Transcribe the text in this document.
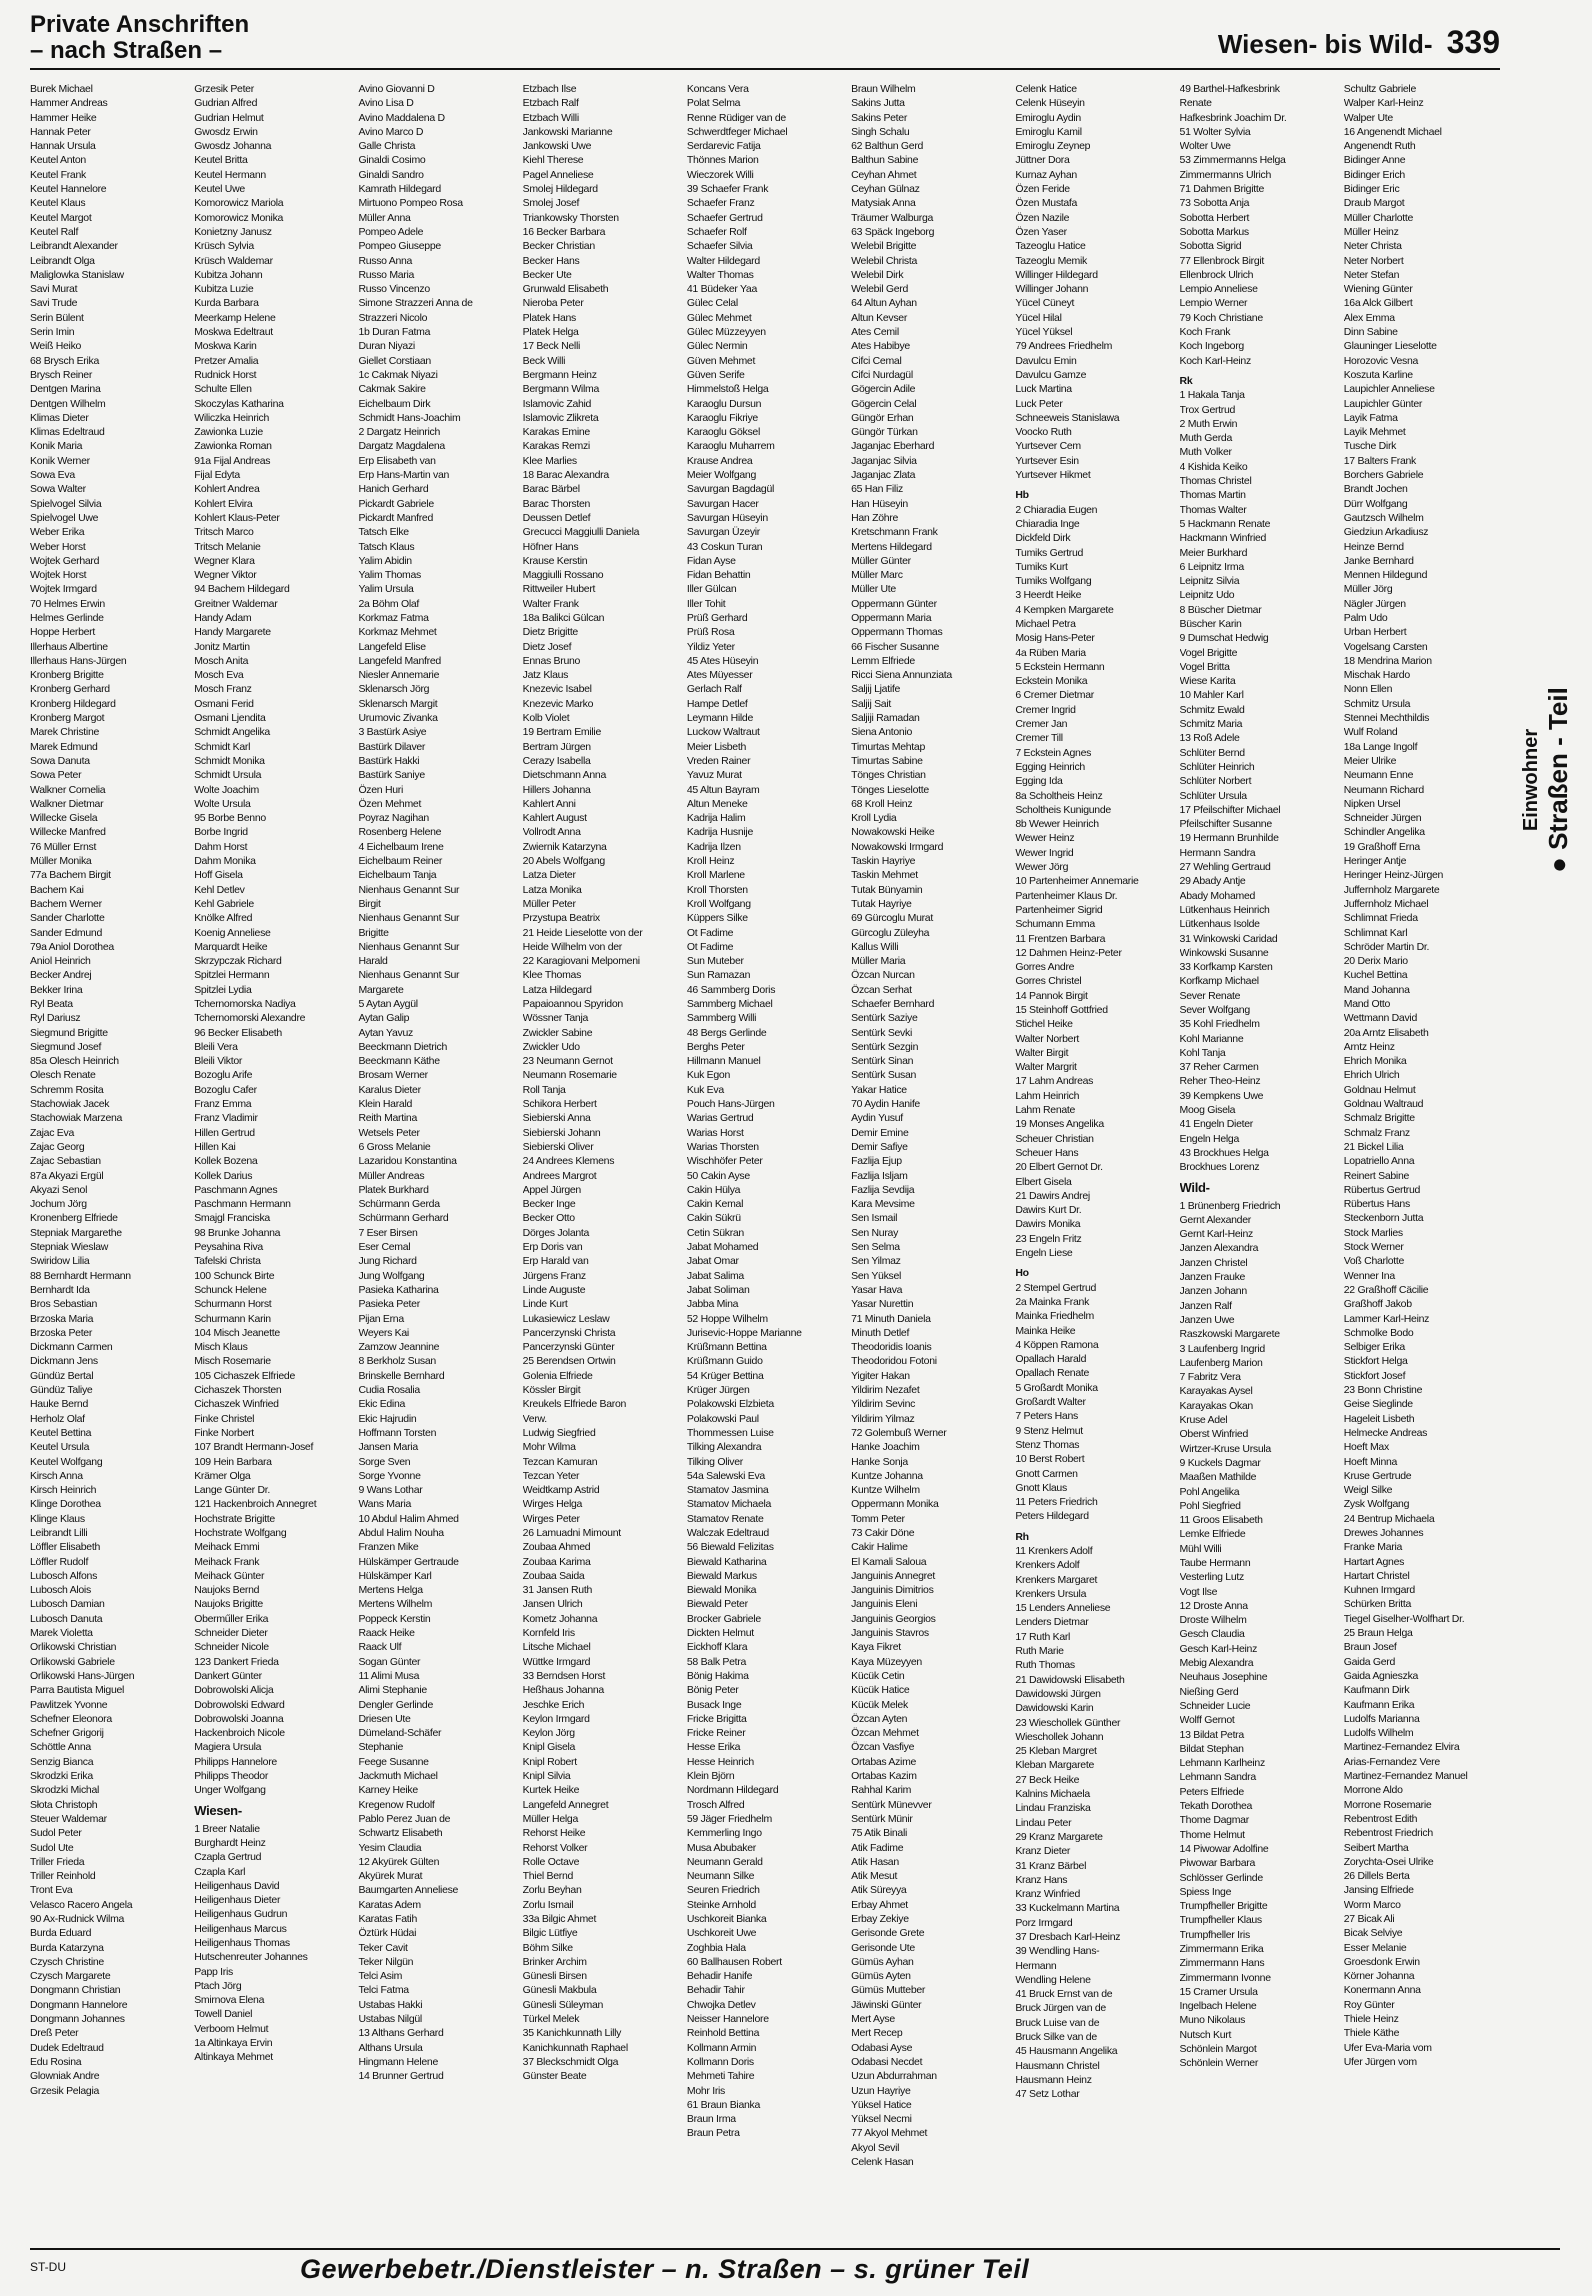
Private Anschriften
– nach Straßen –	Wiesen- bis Wild- 339
Burek Michael
Hammer Andreas
Hammer Heike
Hannak Peter
Hannak Ursula
Keutel Anton
Keutel Frank
Keutel Hannelore
Keutel Klaus
Keutel Margot
Keutel Ralf
Leibrandt Alexander
Leibrandt Olga
Maliglowka Stanislaw
Savi Murat
Savi Trude
Serin Bülent
Serin Imin
Weiß Heiko
68 Brysch Erika
Brysch Reiner
Dentgen Marina
Dentgen Wilhelm
Klimas Dieter
Klimas Edeltraud
Konik Maria
Konik Werner
Sowa Eva
Sowa Walter
Spielvogel Silvia
Spielvogel Uwe
Weber Erika
Weber Horst
Wojtek Gerhard
Wojtek Horst
Wojtek Irmgard
70 Helmes Erwin
Helmes Gerlinde
Hoppe Herbert
Illerhaus Albertine
Illerhaus Hans-Jürgen
Kronberg Brigitte
Kronberg Gerhard
Kronberg Hildegard
Kronberg Margot
Marek Christine
Marek Edmund
Sowa Danuta
Sowa Peter
Walkner Cornelia
Walkner Dietmar
Willecke Gisela
Willecke Manfred
76 Müller Ernst
Müller Monika
77a Bachem Birgit
Bachem Kai
Bachem Werner
Sander Charlotte
Sander Edmund
79a Aniol Dorothea
Aniol Heinrich
Becker Andrej
Bekker Irina
Ryl Beata
Ryl Dariusz
Siegmund Brigitte
Siegmund Josef
85a Olesch Heinrich
Olesch Renate
Schremm Rosita
Stachowiak Jacek
Stachowiak Marzena
Zajac Eva
Zajac Georg
Zajac Sebastian
87a Akyazi Ergül
Akyazi Senol
Jochum Jörg
Kronenberg Elfriede
Stepniak Margarethe
Stepniak Wieslaw
Swiridow Lilia
88 Bernhardt Hermann
Bernhardt Ida
Bros Sebastian
Brzoska Maria
Brzoska Peter
Dickmann Carmen
Dickmann Jens
Gündüz Bertal
Gündüz Taliye
Hauke Bernd
Herholz Olaf
Keutel Bettina
Keutel Ursula
Keutel Wolfgang
Kirsch Anna
Kirsch Heinrich
Klinge Dorothea
Klinge Klaus
Leibrandt Lilli
Löffler Elisabeth
Löffler Rudolf
Lubosch Alfons
Lubosch Alois
Lubosch Damian
Lubosch Danuta
Marek Violetta
Orlikowski Christian
Orlikowski Gabriele
Orlikowski Hans-Jürgen
Parra Bautista Miguel
Pawlitzek Yvonne
Schefner Eleonora
Schefner Grigorij
Schöttle Anna
Senzig Bianca
Skrodzki Erika
Skrodzki Michal
Słota Christoph
Steuer Waldemar
Sudol Peter
Sudol Ute
Triller Frieda
Triller Reinhold
Tront Eva
Velasco Racero Angela
90 Ax-Rudnick Wilma
Burda Eduard
Burda Katarzyna
Czysch Christine
Czysch Margarete
Dongmann Christian
Dongmann Hannelore
Dongmann Johannes
Dreß Peter
Dudek Edeltraud
Edu Rosina
Glowniak Andre
Grzesik Pelagia
Grzesik Peter
Gudrian Alfred
Gudrian Helmut
Gwosdz Erwin
Gwosdz Johanna
Keutel Britta
Keutel Hermann
Keutel Uwe
Komorowicz Mariola
Komorowicz Monika
Konietzny Janusz
Krüsch Sylvia
Krüsch Waldemar
Kubitza Johann
Kubitza Luzie
Kurda Barbara
Meerkamp Helene
Moskwa Edeltraut
Moskwa Karin
Pretzer Amalia
Rudnick Horst
Schulte Ellen
Skoczylas Katharina
Wiliczka Heinrich
Zawionka Luzie
Zawionka Roman
91a Fijal Andreas
Fijal Edyta
Kohlert Andrea
Kohlert Elvira
Kohlert Klaus-Peter
Tritsch Marco
Tritsch Melanie
Wegner Klara
Wegner Viktor
94 Bachem Hildegard
Greitner Waldemar
Handy Adam
Handy Margarete
Jonitz Martin
Mosch Anita
Mosch Eva
Mosch Franz
Osmani Ferid
Osmani Ljendita
Schmidt Angelika
Schmidt Karl
Schmidt Monika
Schmidt Ursula
Wolte Joachim
Wolte Ursula
95 Borbe Benno
Borbe Ingrid
Dahm Horst
Dahm Monika
Hoff Gisela
Kehl Detlev
Kehl Gabriele
Knölke Alfred
Koenig Anneliese
Marquardt Heike
Skrzypczak Richard
Spitzlei Hermann
Spitzlei Lydia
Tchernomorska Nadiya
Tchernomorski Alexandre
96 Becker Elisabeth
Bleili Vera
Bleili Viktor
Bozoglu Arife
Bozoglu Cafer
Franz Emma
Franz Vladimir
Hillen Gertrud
Hillen Kai
Kollek Bozena
Kollek Darius
Paschmann Agnes
Paschmann Hermann
Smajgl Franciska
98 Brunke Johanna
Peysahina Riva
Tafelski Christa
100 Schunck Birte
Schunck Helene
Schurmann Horst
Schurmann Karin
104 Misch Jeanette
Misch Klaus
Misch Rosemarie
105 Cichaszek Elfriede
Cichaszek Thorsten
Cichaszek Winfried
Finke Christel
Finke Norbert
107 Brandt Hermann-Josef
109 Hein Barbara
Krämer Olga
Lange Günter Dr.
121 Hackenbroich Annegret
Hochstrate Brigitte
Hochstrate Wolfgang
Meihack Emmi
Meihack Frank
Meihack Günter
Naujoks Bernd
Naujoks Brigitte
Oberműller Erika
Schneider Dieter
Schneider Nicole
123 Dankert Frieda
Dankert Günter
Dobrowolski Alicja
Dobrowolski Edward
Dobrowolski Joanna
Hackenbroich Nicole
Magiera Ursula
Philipps Hannelore
Philipps Theodor
Unger Wolfgang
Wiesen-
1 Breer Natalie
Burghardt Heinz
Czapla Gertrud
Czapla Karl
Heiligenhaus David
Heiligenhaus Dieter
Heiligenhaus Gudrun
Heiligenhaus Marcus
Heiligenhaus Thomas
Hutschenreuter Johannes
Papp Iris
Ptach Jörg
Smirnova Elena
Towell Daniel
Verboom Helmut
1a Altinkaya Ervin
Altinkaya Mehmet
Avino Giovanni D
Avino Lisa D
Avino Maddalena D
Avino Marco D
Galle Christa
Ginaldi Cosimo
Ginaldi Sandro
Kamrath Hildegard
Mirtuono Pompeo Rosa
Müller Anna
Pompeo Adele
Pompeo Giuseppe
Russo Anna
Russo Maria
Russo Vincenzo
Simone Strazzeri Anna de
Strazzeri Nicolo
1b Duran Fatma
Duran Niyazi
Giellet Corstiaan
1c Cakmak Niyazi
Cakmak Sakire
Eichelbaum Dirk
Schmidt Hans-Joachim
2 Dargatz Heinrich
Dargatz Magdalena
Erp Elisabeth van
Erp Hans-Martin van
Hanich Gerhard
Pickardt Gabriele
Pickardt Manfred
Tatsch Elke
Tatsch Klaus
Yalim Abidin
Yalim Thomas
Yalim Ursula
2a Böhm Olaf
Korkmaz Fatma
Korkmaz Mehmet
Langefeld Elise
Langefeld Manfred
Niesler Annemarie
Sklenarsch Jörg
Sklenarsch Margit
Urumovic Zivanka
3 Bastürk Asiye
Bastürk Dilaver
Bastürk Hakki
Bastürk Saniye
Özen Huri
Özen Mehmet
Poyraz Nagihan
Rosenberg Helene
4 Eichelbaum Irene
Eichelbaum Reiner
Eichelbaum Tanja
Nienhaus Genannt Sur
Birgit
Nienhaus Genannt Sur
Brigitte
Nienhaus Genannt Sur
Harald
Nienhaus Genannt Sur
Margarete
5 Aytan Aygül
Aytan Galip
Aytan Yavuz
Beeckmann Dietrich
Beeckmann Käthe
Brosam Werner
Karalus Dieter
Klein Harald
Reith Martina
Wetsels Peter
6 Gross Melanie
Lazaridou Konstantina
Müller Andreas
Platek Burkhard
Schürmann Gerda
Schürmann Gerhard
7 Eser Birsen
Eser Cemal
Jung Richard
Jung Wolfgang
Pasieka Katharina
Pasieka Peter
Pijan Erna
Weyers Kai
Zamzow Jeannine
8 Berkholz Susan
Brinskelle Bernhard
Cudia Rosalia
Ekic Edina
Ekic Hajrudin
Hoffmann Torsten
Jansen Maria
Sorge Sven
Sorge Yvonne
9 Wans Lothar
Wans Maria
10 Abdul Halim Ahmed
Abdul Halim Nouha
Franzen Mike
Hülskämper Gertraude
Hülskämper Karl
Mertens Helga
Mertens Wilhelm
Poppeck Kerstin
Raack Heike
Raack Ulf
Sogan Günter
11 Alimi Musa
Alimi Stephanie
Dengler Gerlinde
Driesen Ute
Dümeland-Schäfer
Stephanie
Feege Susanne
Jackmuth Michael
Karney Heike
Kregenow Rudolf
Pablo Perez Juan de
Schwartz Elisabeth
Yesim Claudia
12 Akyürek Gülten
Akyürek Murat
Baumgarten Anneliese
Karatas Adem
Karatas Fatih
Öztürk Hüdai
Teker Cavit
Teker Nilgün
Telci Asim
Telci Fatma
Ustabas Hakki
Ustabas Nilgül
13 Althans Gerhard
Althans Ursula
Hingmann Helene
14 Brunner Gertrud
Etzbach Ilse
Etzbach Ralf
Etzbach Willi
Jankowski Marianne
Jankowski Uwe
Kiehl Therese
Pagel Anneliese
Smolej Hildegard
Smolej Josef
Triankowsky Thorsten
16 Becker Barbara
Becker Christian
Becker Hans
Becker Ute
Grunwald Elisabeth
Nieroba Peter
Platek Hans
Platek Helga
17 Beck Nelli
Beck Willi
Bergmann Heinz
Bergmann Wilma
Islamovic Zahid
Islamovic Zlikreta
Karakas Emine
Karakas Remzi
Klee Marlies
18 Barac Alexandra
Barac Bärbel
Barac Thorsten
Deussen Detlef
Grecucci Maggiulli Daniela
Höfner Hans
Krause Kerstin
Maggiulli Rossano
Rittweiler Hubert
Walter Frank
18a Balikci Gülcan
Dietz Brigitte
Dietz Josef
Ennas Bruno
Jatz Klaus
Knezevic Isabel
Knezevic Marko
Kolb Violet
19 Bertram Emilie
Bertram Jürgen
Cerazy Isabella
Dietschmann Anna
Hillers Johanna
Kahlert Anni
Kahlert August
Vollrodt Anna
Zwiernik Katarzyna
20 Abels Wolfgang
Latza Dieter
Latza Monika
Müller Peter
Przystupa Beatrix
21 Heide Lieselotte von der
Heide Wilhelm von der
22 Karagiovani Melpomeni
Klee Thomas
Latza Hildegard
Papaioannou Spyridon
Wössner Tanja
Zwickler Sabine
Zwickler Udo
23 Neumann Gernot
Neumann Rosemarie
Roll Tanja
Schikora Herbert
Siebierski Anna
Siebierski Johann
Siebierski Oliver
24 Andrees Klemens
Andrees Margrot
Appel Jürgen
Becker Inge
Becker Otto
Dörges Jolanta
Erp Doris van
Erp Harald van
Jürgens Franz
Linde Auguste
Linde Kurt
Lukasiewicz Leslaw
Pancerzynski Christa
Pancerzynski Günter
25 Berendsen Ortwin
Golenia Elfriede
Kössler Birgit
Kreukels Elfriede Baron
Verw.
Ludwig Siegfried
Mohr Wilma
Tezcan Kamuran
Tezcan Yeter
Weidtkamp Astrid
Wirges Helga
Wirges Peter
26 Lamuadni Mimount
Zoubaa Ahmed
Zoubaa Karima
Zoubaa Saida
31 Jansen Ruth
Jansen Ulrich
Kometz Johanna
Kornfeld Iris
Litsche Michael
Wüttke Irmgard
33 Berndsen Horst
Heßhaus Johanna
Jeschke Erich
Keylon Irmgard
Keylon Jörg
Knipl Gisela
Knipl Robert
Knipl Silvia
Kurtek Heike
Langefeld Annegret
Müller Helga
Rehorst Heike
Rehorst Volker
Rolle Octave
Thiel Bernd
Zorlu Beyhan
Zorlu Ismail
33a Bilgic Ahmet
Bilgic Lütfiye
Böhm Silke
Brinker Archim
Günesli Birsen
Günesli Makbula
Günesli Süleyman
Türkel Melek
35 Kanichkunnath Lilly
Kanichkunnath Raphael
37 Bleckschmidt Olga
Günster Beate
Koncans Vera
Polat Selma
Renne Rüdiger van de
Schwerdtfeger Michael
Serdarevic Fatija
Thönnes Marion
Wieczorek Willi
39 Schaefer Frank
Schaefer Franz
Schaefer Gertrud
Schaefer Rolf
Schaefer Silvia
Walter Hildegard
Walter Thomas
41 Büdeker Yaa
Gülec Celal
Gülec Mehmet
Gülec Müzzeyyen
Gülec Nermin
Güven Mehmet
Güven Serife
Himmelstoß Helga
Karaoglu Dursun
Karaoglu Fikriye
Karaoglu Göksel
Karaoglu Muharrem
Krause Andrea
Meier Wolfgang
Savurgan Bagdagül
Savurgan Hacer
Savurgan Hüseyin
Savurgan Üzeyir
43 Coskun Turan
Fidan Ayse
Fidan Behattin
Iller Gülcan
Iller Tohit
Prüß Gerhard
Prüß Rosa
Yildiz Yeter
45 Ates Hüseyin
Ates Müyesser
Gerlach Ralf
Hampe Detlef
Leymann Hilde
Luckow Waltraut
Meier Lisbeth
Vreden Rainer
Yavuz Murat
45 Altun Bayram
Altun Meneke
Kadrija Halim
Kadrija Husnije
Kadrija Ilzen
Kroll Heinz
Kroll Marlene
Kroll Thorsten
Kroll Wolfgang
Küppers Silke
Ot Fadime
Ot Fadime
Sun Muteber
Sun Ramazan
46 Sammberg Doris
Sammberg Michael
Sammberg Willi
48 Bergs Gerlinde
Berghs Peter
Hillmann Manuel
Kuk Egon
Kuk Eva
Pouch Hans-Jürgen
Warias Gertrud
Warias Horst
Warias Thorsten
Wischhöfer Peter
50 Cakin Ayse
Cakin Hülya
Cakin Kemal
Cakin Sükrü
Cetin Sükran
Jabat Mohamed
Jabat Omar
Jabat Salima
Jabat Soliman
Jabba Mina
52 Hoppe Wilhelm
Jurisevic-Hoppe Marianne
Krüßmann Bettina
Krüßmann Guido
54 Krüger Bettina
Krüger Jürgen
Polakowski Elzbieta
Polakowski Paul
Thommessen Luise
Tilking Alexandra
Tilking Oliver
54a Salewski Eva
Stamatov Jasmina
Stamatov Michaela
Stamatov Renate
Walczak Edeltraud
56 Biewald Felizitas
Biewald Katharina
Biewald Markus
Biewald Monika
Biewald Peter
Brocker Gabriele
Dickten Helmut
Eickhoff Klara
58 Balk Petra
Bönig Hakima
Bönig Peter
Busack Inge
Fricke Brigitta
Fricke Reiner
Hesse Erika
Hesse Heinrich
Klein Björn
Nordmann Hildegard
Trosch Alfred
59 Jäger Friedhelm
Kemmerling Ingo
Musa Abubaker
Neumann Gerald
Neumann Silke
Seuren Friedrich
Steinke Arnhold
Uschkoreit Bianka
Uschkoreit Uwe
Zoghbia Hala
60 Ballhausen Robert
Behadir Hanife
Behadir Tahir
Chwojka Detlev
Neisser Hannelore
Reinhold Bettina
Kollmann Armin
Kollmann Doris
Mehmeti Tahire
Mohr Iris
61 Braun Bianka
Braun Irma
Braun Petra
Braun Wilhelm
Sakins Jutta
Sakins Peter
Singh Schalu
62 Balthun Gerd
Balthun Sabine
Ceyhan Ahmet
Ceyhan Gülnaz
Matysiak Anna
Träumer Walburga
63 Späck Ingeborg
Welebil Brigitte
Welebil Christa
Welebil Dirk
Welebil Gerd
64 Altun Ayhan
Altun Kevser
Ates Cemil
Ates Habibye
Cifci Cemal
Cifci Nurdagül
Gögercin Adile
Gögercin Celal
Güngör Erhan
Güngör Türkan
Jaganjac Eberhard
Jaganjac Silvia
Jaganjac Zlata
65 Han Filiz
Han Hüseyin
Han Zöhre
Kretschmann Frank
Mertens Hildegard
Müller Günter
Müller Marc
Müller Ute
Oppermann Günter
Oppermann Maria
Oppermann Thomas
66 Fischer Susanne
Lemm Elfriede
Ricci Siena Annunziata
Saljij Ljatife
Saljij Sait
Saljiji Ramadan
Siena Antonio
Timurtas Mehtap
Timurtas Sabine
Tönges Christian
Tönges Lieselotte
68 Kroll Heinz
Kroll Lydia
Nowakowski Heike
Nowakowski Irmgard
Taskin Hayriye
Taskin Mehmet
Tutak Bünyamin
Tutak Hayriye
69 Gürcoglu Murat
Gürcoglu Züleyha
Kallus Willi
Müller Maria
Özcan Nurcan
Özcan Serhat
Schaefer Bernhard
Sentürk Saziye
Sentürk Sevki
Sentürk Sezgin
Sentürk Sinan
Sentürk Susan
Yakar Hatice
70 Aydin Hanife
Aydin Yusuf
Demir Emine
Demir Safiye
Fazlija Ejup
Fazlija Isljam
Fazlija Sevdija
Kara Mevsime
Sen Ismail
Sen Nuray
Sen Selma
Sen Yilmaz
Sen Yüksel
Yasar Hava
Yasar Nurettin
71 Minuth Daniela
Minuth Detlef
Theodoridis Ioanis
Theodoridou Fotoni
Yigiter Hakan
Yildirim Nezafet
Yildirim Sevinc
Yildirim Yilmaz
72 Golembuß Werner
Hanke Joachim
Hanke Sonja
Kuntze Johanna
Kuntze Wilhelm
Oppermann Monika
Tomm Peter
73 Cakir Döne
Cakir Halime
El Kamali Saloua
Janguinis Annegret
Janguinis Dimitrios
Janguinis Eleni
Janguinis Georgios
Janguinis Stavros
Kaya Fikret
Kaya Müzeyyen
Kücük Cetin
Kücük Hatice
Kücük Melek
Özcan Ayten
Özcan Mehmet
Özcan Vasfiye
Ortabas Azime
Ortabas Kazim
Rahhal Karim
Sentürk Münevver
Sentürk Münir
75 Atik Binali
Atik Fadime
Atik Hasan
Atik Mesut
Atik Süreyya
Erbay Ahmet
Erbay Zekiye
Gerisonde Grete
Gerisonde Ute
Gümüs Ayhan
Gümüs Ayten
Gümüs Mutteber
Jäwinski Günter
Mert Ayse
Mert Recep
Odabasi Ayse
Odabasi Necdet
Uzun Abdurrahman
Uzun Hayriye
Yüksel Hatice
Yüksel Necmi
77 Akyol Mehmet
Akyol Sevil
Celenk Hasan
Celenk Hatice
Celenk Hüseyin
Emiroglu Aydin
Emiroglu Kamil
Emiroglu Zeynep
Jüttner Dora
Kurnaz Ayhan
Özen Feride
Özen Mustafa
Özen Nazile
Özen Yaser
Tazeoglu Hatice
Tazeoglu Memik
Willinger Hildegard
Willinger Johann
Yücel Cüneyt
Yücel Hilal
Yücel Yüksel
79 Andrees Friedhelm
Davulcu Emin
Davulcu Gamze
Luck Martina
Luck Peter
Schneeweis Stanislawa
Voocko Ruth
Yurtsever Cem
Yurtsever Esin
Yurtsever Hikmet
Hb
2 Chiaradia Eugen
Chiaradia Inge
Dickfeld Dirk
Tumiks Gertrud
Tumiks Kurt
Tumiks Wolfgang
3 Heerdt Heike
4 Kempken Margarete
Michael Petra
Mosig Hans-Peter
4a Rüben Maria
5 Eckstein Hermann
Eckstein Monika
6 Cremer Dietmar
Cremer Ingrid
Cremer Jan
Cremer Till
7 Eckstein Agnes
Egging Heinrich
Egging Ida
8a Scholtheis Heinz
Scholtheis Kunigunde
8b Wewer Heinrich
Wewer Heinz
Wewer Ingrid
Wewer Jörg
10 Partenheimer Annemarie
Partenheimer Klaus Dr.
Partenheimer Sigrid
Schumann Emma
11 Frentzen Barbara
12 Dahmen Heinz-Peter
Gorres Andre
Gorres Christel
14 Pannok Birgit
15 Steinhoff Gottfried
Stichel Heike
Walter Norbert
Walter Birgit
Walter Margrit
17 Lahm Andreas
Lahm Heinrich
Lahm Renate
19 Monses Angelika
Scheuer Christian
Scheuer Hans
20 Elbert Gernot Dr.
Elbert Gisela
21 Dawirs Andrej
Dawirs Kurt Dr.
Dawirs Monika
23 Engeln Fritz
Engeln Liese
Ho
2 Stempel Gertrud
2a Mainka Frank
Mainka Friedhelm
Mainka Heike
4 Köppen Ramona
Opallach Harald
Opallach Renate
5 Großardt Monika
Großardt Walter
7 Peters Hans
9 Stenz Helmut
Stenz Thomas
10 Berst Robert
Gnott Carmen
Gnott Klaus
11 Peters Friedrich
Peters Hildegard
Rh
11 Krenkers Adolf
Krenkers Adolf
Krenkers Margaret
Krenkers Ursula
15 Lenders Anneliese
Lenders Dietmar
17 Ruth Karl
Ruth Marie
Ruth Thomas
21 Dawidowski Elisabeth
Dawidowski Jürgen
Dawidowski Karin
23 Wieschollek Günther
Wieschollek Johann
25 Kleban Margret
Kleban Margarete
27 Beck Heike
Kalnins Michaela
Lindau Franziska
Lindau Peter
29 Kranz Margarete
Kranz Dieter
31 Kranz Bärbel
Kranz Hans
Kranz Winfried
33 Kuckelmann Martina
Porz Irmgard
37 Dresbach Karl-Heinz
39 Wendling Hans-
Hermann
Wendling Helene
41 Bruck Ernst van de
Bruck Jürgen van de
Bruck Luise van de
Bruck Silke van de
45 Hausmann Angelika
Hausmann Christel
Hausmann Heinz
47 Setz Lothar
49 Barthel-Hafkesbrink
Renate
Hafkesbrink Joachim Dr.
51 Wolter Sylvia
Wolter Uwe
53 Zimmermanns Helga
Zimmermanns Ulrich
71 Dahmen Brigitte
73 Sobotta Anja
Sobotta Herbert
Sobotta Markus
Sobotta Sigrid
77 Ellenbrock Birgit
Ellenbrock Ulrich
Lempio Anneliese
Lempio Werner
79 Koch Christiane
Koch Frank
Koch Ingeborg
Koch Karl-Heinz
Rk
1 Hakala Tanja
Trox Gertrud
2 Muth Erwin
Muth Gerda
Muth Volker
4 Kishida Keiko
Thomas Christel
Thomas Martin
Thomas Walter
5 Hackmann Renate
Hackmann Winfried
Meier Burkhard
6 Leipnitz Irma
Leipnitz Silvia
Leipnitz Udo
8 Büscher Dietmar
Büscher Karin
9 Dumschat Hedwig
Vogel Brigitte
Vogel Britta
Wiese Karita
10 Mahler Karl
Schmitz Ewald
Schmitz Maria
13 Roß Adele
Schlüter Bernd
Schlüter Heinrich
Schlüter Norbert
Schlüter Ursula
17 Pfeilschifter Michael
Pfeilschifter Susanne
19 Hermann Brunhilde
Hermann Sandra
27 Wehling Gertraud
29 Abady Antje
Abady Mohamed
Lütkenhaus Heinrich
Lütkenhaus Isolde
31 Winkowski Caridad
Winkowski Susanne
33 Korfkamp Karsten
Korfkamp Michael
Sever Renate
Sever Wolfgang
35 Kohl Friedhelm
Kohl Marianne
Kohl Tanja
37 Reher Carmen
Reher Theo-Heinz
39 Kempkens Uwe
Moog Gisela
41 Engeln Dieter
Engeln Helga
43 Brockhues Helga
Brockhues Lorenz
Wild-
1 Brünenberg Friedrich
Gernt Alexander
Gernt Karl-Heinz
Janzen Alexandra
Janzen Christel
Janzen Frauke
Janzen Johann
Janzen Ralf
Janzen Uwe
Raszkowski Margarete
3 Laufenberg Ingrid
Laufenberg Marion
7 Fabritz Vera
Karayakas Aysel
Karayakas Okan
Kruse Adel
Oberst Winfried
Wirtzer-Kruse Ursula
9 Kuckels Dagmar
Maaßen Mathilde
Pohl Angelika
Pohl Siegfried
11 Groos Elisabeth
Lemke Elfriede
Mühl Willi
Taube Hermann
Vesterling Lutz
Vogt Ilse
12 Droste Anna
Droste Wilhelm
Gesch Claudia
Gesch Karl-Heinz
Mebig Alexandra
Neuhaus Josephine
Nießing Gerd
Schneider Lucie
Wolff Gernot
13 Bildat Petra
Bildat Stephan
Lehmann Karlheinz
Lehmann Sandra
Peters Elfriede
Tekath Dorothea
Thome Dagmar
Thome Helmut
14 Piwowar Adolfine
Piwowar Barbara
Schlösser Gerlinde
Spiess Inge
Trumpfheller Brigitte
Trumpfheller Klaus
Trumpfheller Iris
Zimmermann Erika
Zimmermann Hans
Zimmermann Ivonne
15 Cramer Ursula
Ingelbach Helene
Muno Nikolaus
Nutsch Kurt
Schönlein Margot
Schönlein Werner
Schultz Gabriele
Walper Karl-Heinz
Walper Ute
16 Angenendt Michael
Angenendt Ruth
Bidinger Anne
Bidinger Erich
Bidinger Eric
Draub Margot
Müller Charlotte
Müller Heinz
Neter Christa
Neter Norbert
Neter Stefan
Wiening Günter
16a Alck Gilbert
Alex Emma
Dinn Sabine
Glauninger Lieselotte
Horozovic Vesna
Koszuta Karline
Laupichler Anneliese
Laupichler Günter
Layik Fatma
Layik Mehmet
Tusche Dirk
17 Balters Frank
Borchers Gabriele
Brandt Jochen
Dürr Wolfgang
Gautzsch Wilhelm
Giedziun Arkadiusz
Heinze Bernd
Janke Bernhard
Mennen Hildegund
Müller Jörg
Nägler Jürgen
Palm Udo
Urban Herbert
Vogelsang Carsten
18 Mendrina Marion
Mischak Hardo
Nonn Ellen
Schmitz Ursula
Stennei Mechthildis
Wulf Roland
18a Lange Ingolf
Meier Ulrike
Neumann Enne
Neumann Richard
Nipken Ursel
Schneider Jürgen
Schindler Angelika
19 Graßhoff Erna
Heringer Antje
Heringer Heinz-Jürgen
Juffernholz Margarete
Juffernholz Michael
Schlimnat Frieda
Schlimnat Karl
Schröder Martin Dr.
20 Derix Mario
Kuchel Bettina
Mand Johanna
Mand Otto
Wettmann David
20a Arntz Elisabeth
Arntz Heinz
Ehrich Monika
Ehrich Ulrich
Goldnau Helmut
Goldnau Waltraud
Schmalz Brigitte
Schmalz Franz
21 Bickel Lilia
Lopatriello Anna
Reinert Sabine
Rübertus Gertrud
Rübertus Hans
Steckenborn Jutta
Stock Marlies
Stock Werner
Voß Charlotte
Wenner Ina
22 Graßhoff Cäcilie
Graßhoff Jakob
Lammer Karl-Heinz
Schmolke Bodo
Selbiger Erika
Stickfort Helga
Stickfort Josef
23 Bonn Christine
Geise Sieglinde
Hageleit Lisbeth
Helmecke Andreas
Hoeft Max
Hoeft Minna
Kruse Gertrude
Weigl Silke
Zysk Wolfgang
24 Bentrup Michaela
Drewes Johannes
Franke Maria
Hartart Agnes
Hartart Christel
Kuhnen Irmgard
Schürken Britta
Tiegel Giselher-Wolfhart Dr.
25 Braun Helga
Braun Josef
Gaida Gerd
Gaida Agnieszka
Kaufmann Dirk
Kaufmann Erika
Ludolfs Marianna
Ludolfs Wilhelm
Martinez-Fernandez Elvira
Arias-Fernandez Vere
Martinez-Fernandez Manuel
Morrone Aldo
Morrone Rosemarie
Rebentrost Edith
Rebentrost Friedrich
Seibert Martha
Zorychta-Osei Ulrike
26 Dillels Berta
Jansing Elfriede
Worm Marco
27 Bicak Ali
Bicak Selviye
Esser Melanie
Groesdonk Erwin
Körner Johanna
Konermann Anna
Roy Günter
Thiele Heinz
Thiele Käthe
Ufer Eva-Maria vom
Ufer Jürgen vom
Einwohner ● Straßen - Teil
ST-DU	Gewerbebetr./Dienstleister – n. Straßen – s. grüner Teil
